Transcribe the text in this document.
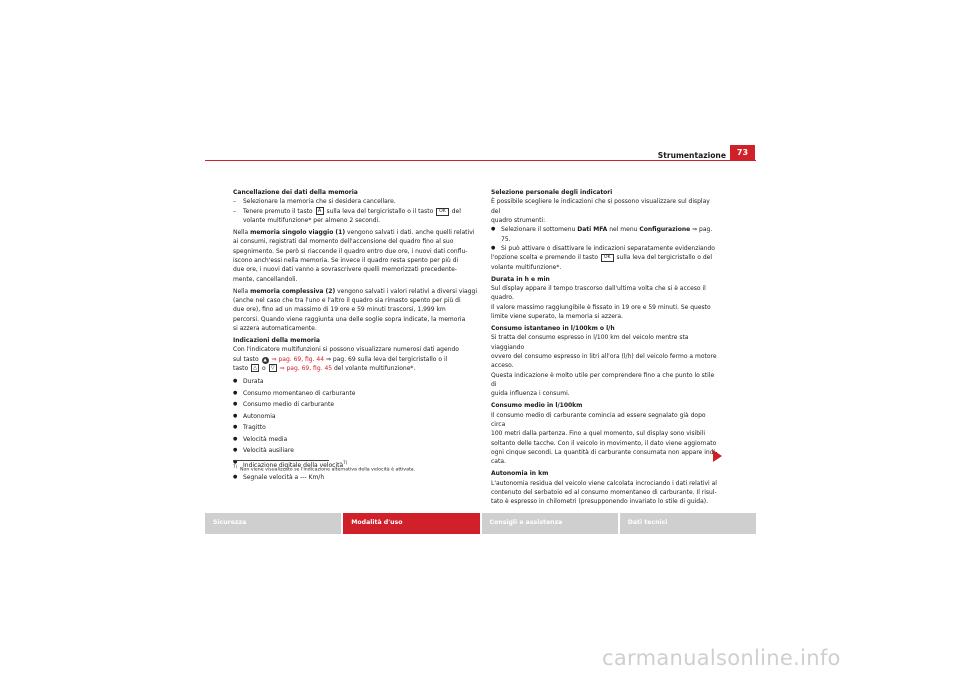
Strumentazione	73

Cancellazione dei dati della memoria

– Selezionare la memoria che si desidera cancellare.

– Tenere premuto il tasto A sulla leva del tergicristallo o il tasto OK del
volante multifunzione* per almeno 2 secondi.

Nella memoria singolo viaggio (1) vengono salvati i dati. anche quelli relativi
ai consumi, registrati dal momento dell'accensione del quadro fino al suo
spegnimento. Se però si riaccende il quadro entro due ore, i nuovi dati conflu-
iscono anch'essi nella memoria. Se invece il quadro resta spento per più di
due ore, i nuovi dati vanno a sovrascrivere quelli memorizzati precedente-
mente, cancellandoli.

Nella memoria complessiva (2) vengono salvati i valori relativi a diversi viaggi
(anche nel caso che tra l'uno e l'altro il quadro sia rimasto spento per più di
due ore), fino ad un massimo di 19 ore e 59 minuti trascorsi, 1,999 km
percorsi. Quando viene raggiunta una delle soglie sopra indicate, la memoria
si azzera automaticamente.

Indicazioni della memoria

Con l'indicatore multifunzioni si possono visualizzare numerosi dati agendo
sul tasto ▲ ⇒ pag. 69, fig. 44 ⇒ pag. 69 sulla leva del tergicristallo o il
tasto △ o ▽ ⇒ pag. 69, fig. 45 del volante multifunzione*.

● Durata

● Consumo momentaneo di carburante

● Consumo medio di carburante

● Autonomia

● Tragitto

● Velocità media

● Velocità ausiliare

● Indicazione digitale della velocità$^{7)}$

● Segnale velocità a --- Km/h

$^{7)}$  Non viene visualizzato se l'indicazione alternativa della velocità è attivata.

Selezione personale degli indicatori

È possibile scegliere le indicazioni che si possono visualizzare sul display del
quadro strumenti:

● Selezionare il sottomenu Dati MFA nel menu Configurazione ⇒ pag. 75.

● Si può attivare o disattivare le indicazioni separatamente evidenziando

l'opzione scelta e premendo il tasto OK sulla leva del tergicristallo o del
volante multifunzione*.

Durata in h e min

Sul display appare il tempo trascorso dall'ultima volta che si è acceso il
quadro.

Il valore massimo raggiungibile è fissato in 19 ore e 59 minuti. Se questo
limite viene superato, la memoria si azzera.

Consumo istantaneo in l/100km o l/h

Si tratta del consumo espresso in l/100 km del veicolo mentre sta viaggiando
ovvero del consumo espresso in litri all'ora (l/h) del veicolo fermo a motore
acceso.

Questa indicazione è molto utile per comprendere fino a che punto lo stile di
guida influenza i consumi.

Consumo medio in l/100km

Il consumo medio di carburante comincia ad essere segnalato già dopo circa
100 metri dalla partenza. Fino a quel momento, sul display sono visibili
soltanto delle tacche. Con il veicolo in movimento, il dato viene aggiornato
ogni cinque secondi. La quantità di carburante consumata non appare indi-
cata.

Autonomia in km

L'autonomia residua del veicolo viene calcolata incrociando i dati relativi al
contenuto del serbatoio ed al consumo momentaneo di carburante. Il risul-
tato è espresso in chilometri (presupponendo invariato lo stile di guida).

Sicurezza	Modalità d'uso	Consigli e assistenza	Dati tecnici
carmanualsonline.info
